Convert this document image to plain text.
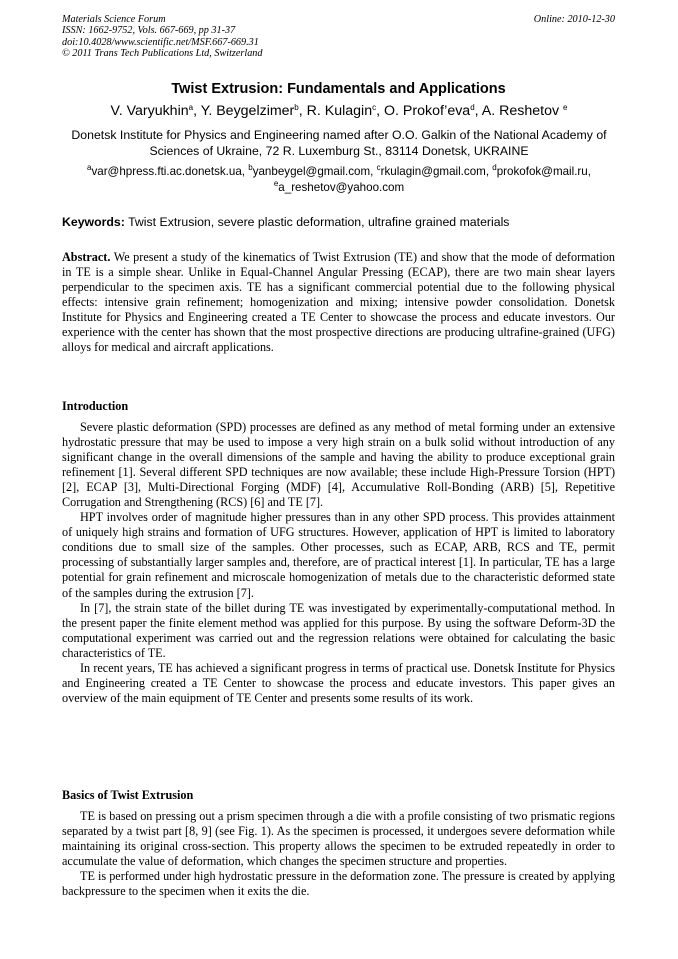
Materials Science Forum
ISSN: 1662-9752, Vols. 667-669, pp 31-37
doi:10.4028/www.scientific.net/MSF.667-669.31
© 2011 Trans Tech Publications Ltd, Switzerland
Online: 2010-12-30
Twist Extrusion: Fundamentals and Applications
V. Varyukhin$^a$, Y. Beygelzimer$^b$, R. Kulagin$^c$, O. Prokof’eva$^d$, A. Reshetov $^e$
Donetsk Institute for Physics and Engineering named after O.O. Galkin of the National Academy of Sciences of Ukraine, 72 R. Luxemburg St., 83114 Donetsk, UKRAINE
$^a$var@hpress.fti.ac.donetsk.ua, $^b$yanbeygel@gmail.com, $^c$rkulagin@gmail.com, $^d$prokofok@mail.ru,
$^e$a_reshetov@yahoo.com
Keywords: Twist Extrusion, severe plastic deformation, ultrafine grained materials

Abstract. We present a study of the kinematics of Twist Extrusion (TE) and show that the mode of deformation in TE is a simple shear. Unlike in Equal-Channel Angular Pressing (ECAP), there are two main shear layers perpendicular to the specimen axis. TE has a significant commercial potential due to the following physical effects: intensive grain refinement; homogenization and mixing; intensive powder consolidation. Donetsk Institute for Physics and Engineering created a TE Center to showcase the process and educate investors. Our experience with the center has shown that the most prospective directions are producing ultrafine-grained (UFG) alloys for medical and aircraft applications.

Introduction

Severe plastic deformation (SPD) processes are defined as any method of metal forming under an extensive hydrostatic pressure that may be used to impose a very high strain on a bulk solid without introduction of any significant change in the overall dimensions of the sample and having the ability to produce exceptional grain refinement [1]. Several different SPD techniques are now available; these include High-Pressure Torsion (HPT) [2], ECAP [3], Multi-Directional Forging (MDF) [4], Accumulative Roll-Bonding (ARB) [5], Repetitive Corrugation and Strengthening (RCS) [6] and TE [7].

HPT involves order of magnitude higher pressures than in any other SPD process. This provides attainment of uniquely high strains and formation of UFG structures. However, application of HPT is limited to laboratory conditions due to small size of the samples. Other processes, such as ECAP, ARB, RCS and TE, permit processing of substantially larger samples and, therefore, are of practical interest [1]. In particular, TE has a large potential for grain refinement and microscale homogenization of metals due to the characteristic deformed state of the samples during the extrusion [7].

In [7], the strain state of the billet during TE was investigated by experimentally-computational method. In the present paper the finite element method was applied for this purpose. By using the software Deform-3D the computational experiment was carried out and the regression relations were obtained for calculating the basic characteristics of TE.

In recent years, TE has achieved a significant progress in terms of practical use. Donetsk Institute for Physics and Engineering created a TE Center to showcase the process and educate investors. This paper gives an overview of the main equipment of TE Center and presents some results of its work.

Basics of Twist Extrusion

TE is based on pressing out a prism specimen through a die with a profile consisting of two prismatic regions separated by a twist part [8, 9] (see Fig. 1). As the specimen is processed, it undergoes severe deformation while maintaining its original cross-section. This property allows the specimen to be extruded repeatedly in order to accumulate the value of deformation, which changes the specimen structure and properties.

TE is performed under high hydrostatic pressure in the deformation zone. The pressure is created by applying backpressure to the specimen when it exits the die.
